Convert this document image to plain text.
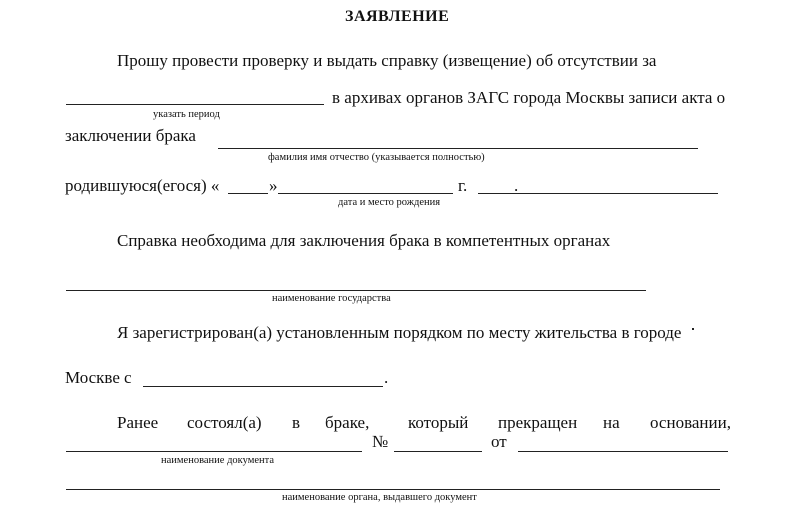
ЗАЯВЛЕНИЕ
Прошу провести проверку и выдать справку (извещение) об отсутствии за
в архивах органов ЗАГС города Москвы записи акта о
указать период
заключении брака
фамилия имя отчество (указывается полностью)
родившуюся(егося) «	»	г.	.
дата и место рождения
Справка необходима для заключения брака в компетентных органах
наименование государства
Я зарегистрирован(а) установленным порядком по месту жительства в городе
Москве с	.
Ранее состоял(а) в браке, который прекращен на основании,
№	от
наименование документа
наименование органа, выдавшего документ
